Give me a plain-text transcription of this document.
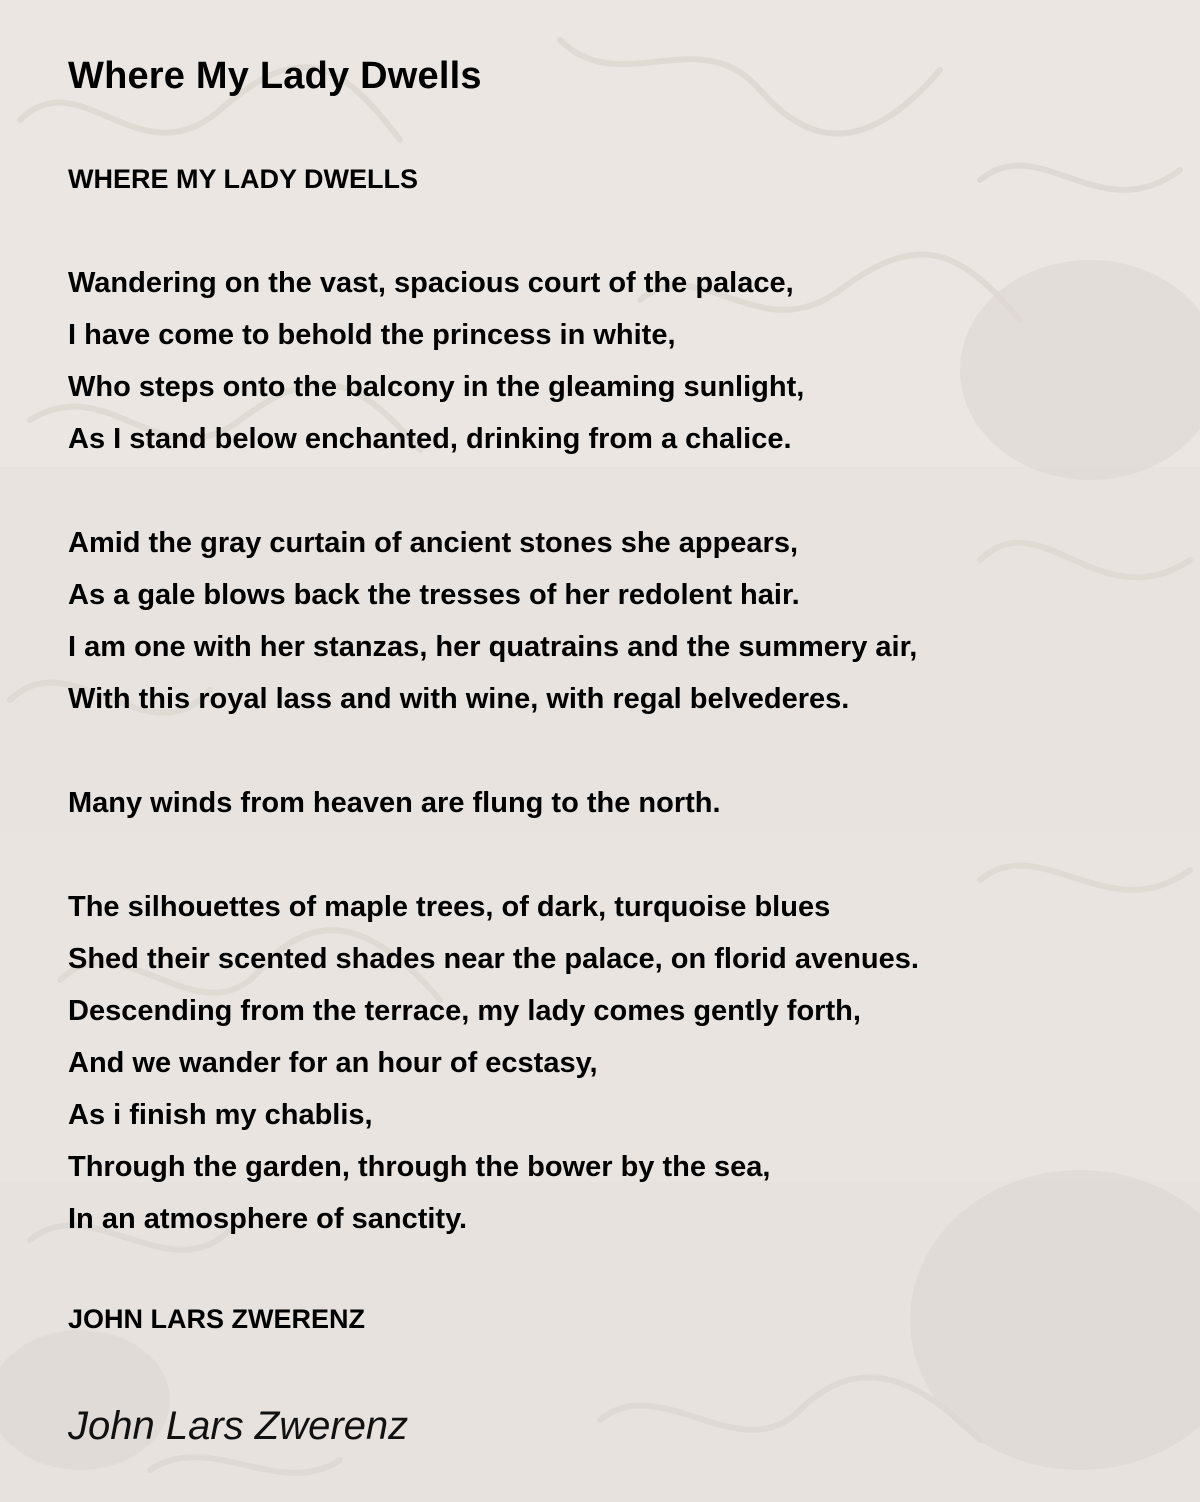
Where My Lady Dwells
WHERE MY LADY DWELLS
Wandering on the vast, spacious court of the palace,
I have come to behold the princess in white,
Who steps onto the balcony in the gleaming sunlight,
As I stand below enchanted, drinking from a chalice.
Amid the gray curtain of ancient stones she appears,
As a gale blows back the tresses of her redolent hair.
I am one with her stanzas, her quatrains and the summery air,
With this royal lass and with wine, with regal belvederes.
Many winds from heaven are flung to the north.
The silhouettes of maple trees, of dark, turquoise blues
Shed their scented shades near the palace, on florid avenues.
Descending from the terrace, my lady comes gently forth,
And we wander for an hour of ecstasy,
As i finish my chablis,
Through the garden, through the bower by the sea,
In an atmosphere of sanctity.
JOHN LARS ZWERENZ
John Lars Zwerenz
